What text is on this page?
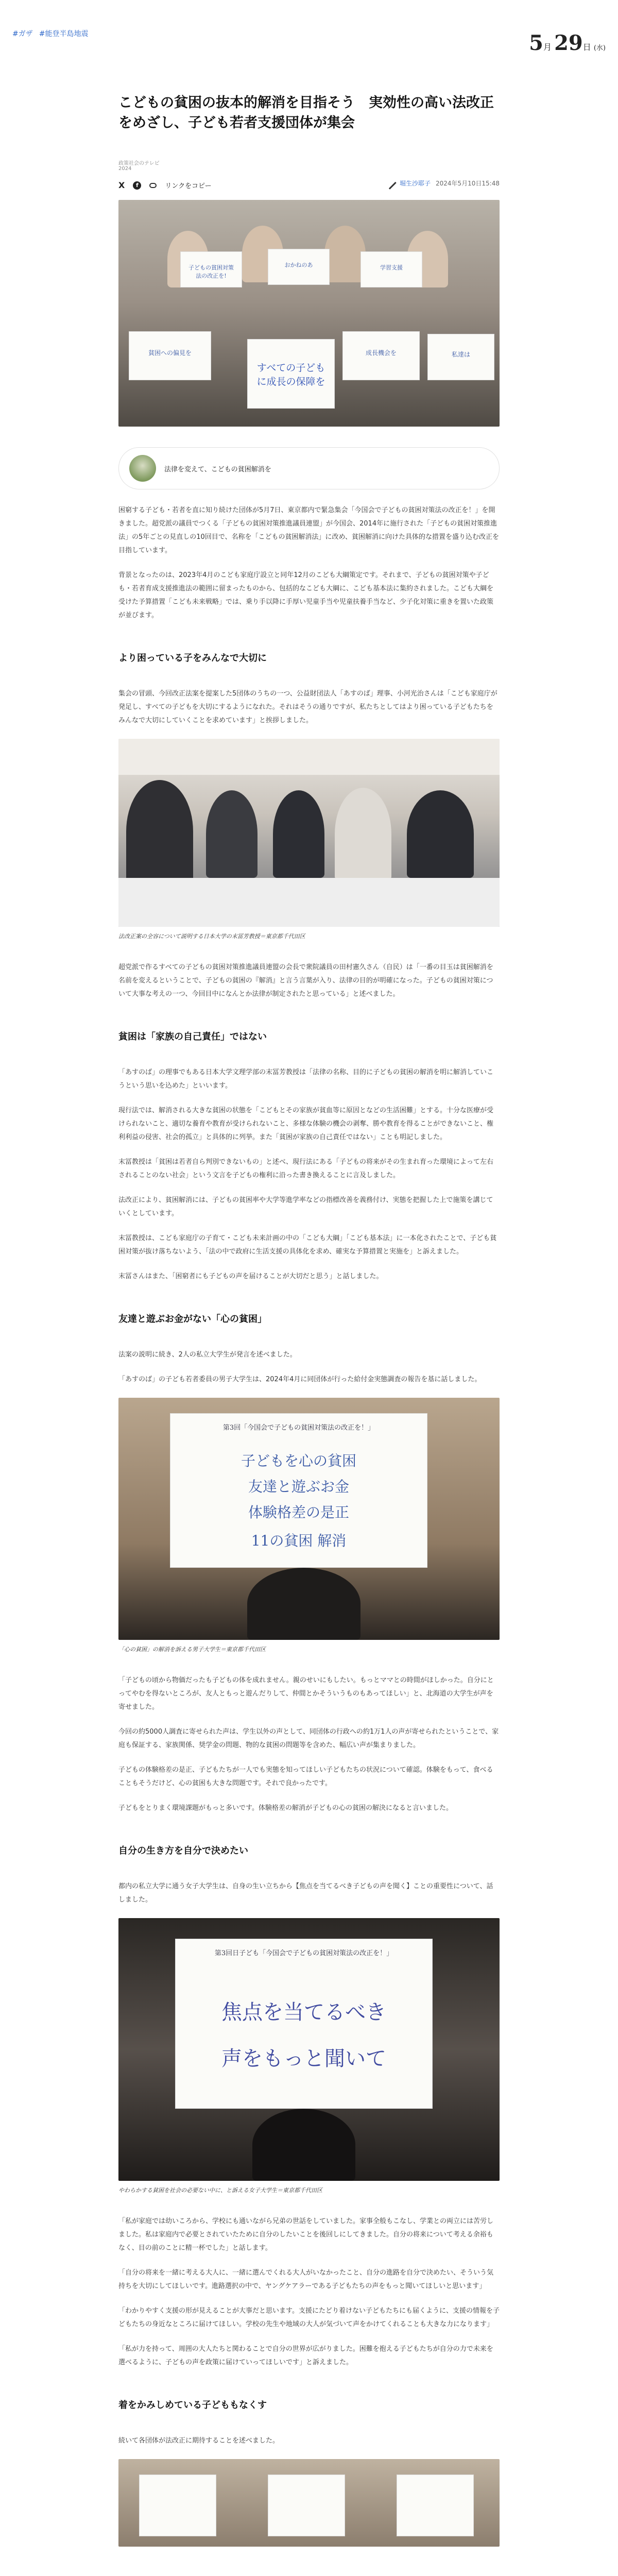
#ガザ #能登半島地震	5月 29日 (水)
こどもの貧困の抜本的解消を目指そう　実効性の高い法改正をめざし、子ども若者支援団体が集会
政策社会のテレビ
2024
X	f	リンクをコピー	堀生沙耶子 2024年5月10日15:48
子どもの貧困対策法の改正を!
おかねのあ	学習支援
貧困への偏見を
すべての子どもに成長の保障を
成長機会を	私達は
法律を変えて、こどもの貧困解消を

困窮する子ども・若者を直に知り続けた団体が5月7日、東京都内で緊急集会「今国会で子どもの貧困対策法の改正を！」を開きました。超党派の議員でつくる「子どもの貧困対策推進議員連盟」が今国会、2014年に施行された「子どもの貧困対策推進法」の5年ごとの見直しの10回目で、名称を「こどもの貧困解消法」に改め、貧困解消に向けた具体的な措置を盛り込む改正を目指しています。

背景となったのは、2023年4月のこども家庭庁設立と同年12月のこども大綱策定です。それまで、子どもの貧困対策や子ども・若者育成支援推進法の範囲に留まったものから、包括的なこども大綱に、こども基本法に集約されました。こども大綱を受けた予算措置「こども未来戦略」では、乗り手以降に手厚い児童手当や児童扶養手当など、少子化対策に重きを置いた政策が並びます。

より困っている子をみんなで大切に

集会の冒頭、今回改正法案を提案した5団体のうちの一つ、公益財団法人「あすのば」理事、小河光治さんは「こども家庭庁が発足し、すべての子どもを大切にするようになれた。それはそうの通りですが、私たちとしてはより困っている子どもたちをみんなで大切にしていくことを求めています」と挨拶しました。

法改正案の全容について説明する日本大学の末冨芳教授＝東京都千代田区

超党派で作るすべての子どもの貧困対策推進議員連盟の会長で衆院議員の田村憲久さん（自民）は「一番の目玉は貧困解消を名前を変えるということで、子どもの貧困の『解消』と言う言葉が入り、法律の目的が明確になった。子どもの貧困対策について大事な考えの一つ、今回目中になんとか法律が制定されたと思っている」と述べました。

貧困は「家族の自己責任」ではない

「あすのば」の理事でもある日本大学文理学部の末冨芳教授は「法律の名称、目的に子どもの貧困の解消を明に解消していこうという思いを込めた」といいます。

現行法では、解消される大きな貧困の状態を「こどもとその家族が貧血等に原因となどの生活困難」とする。十分な医療が受けられないこと、適切な養育や教育が受けられないこと、多様な体験の機会の剥奪、勝や教育を得ることができないこと、権利利益の侵害、社会的孤立」と具体的に列挙。また「貧困が家族の自己責任ではない」ことも明記しました。

末冨教授は「貧困は若者自ら判別できないもの」と述べ、現行法にある「子どもの将来がその生まれ育った環境によって左右されることのない社会」という文言を子どもの権利に沿った書き換えることに言及しました。

法改正により、貧困解消には、子どもの貧困率や大学等進学率などの指標改善を義務付け、実態を把握した上で施策を講じていくとしています。

末冨教授は、こども家庭庁の子育て・こども未来計画の中の「こども大綱」「こども基本法」に一本化されたことで、子ども貧困対策が抜け落ちないよう、「法の中で政府に生活支援の具体化を求め、確実な予算措置と実施を」と訴えました。

末冨さんはまた、「困窮者にも子どもの声を届けることが大切だと思う」と話しました。

友達と遊ぶお金がない「心の貧困」

法案の説明に続き、2人の私立大学生が発言を述べました。

「あすのば」の子ども若者委員の男子大学生は、2024年4月に同団体が行った給付金実態調査の報告を基に話しました。

第3回「今国会で子どもの貧困対策法の改正を！」
子どもを心の貧困
友達と遊ぶお金
体験格差の是正
11の貧困 解消
「心の貧困」の解消を訴える男子大学生＝東京都千代田区

「子どもの頃から物価だったも子どもの体を成れません。親のせいにもしたい。もっとママとの時間がほしかった。自分にとってやむを得ないところが、友人ともっと遊んだりして、仲間とかそういうものもあってほしい」と、北海道の大学生が声を寄せました。

今回の約5000人調査に寄せられた声は、学生以外の声として、同団体の行政への約1万1人の声が寄せられたということで、家庭も保証する、家族関係、奨学金の問題、物的な貧困の問題等を含めた、幅広い声が集まりました。

子どもの体験格差の是正、子どもたちが一人でも実態を知ってほしい子どもたちの状況について確認。体験をもって、食べることもそうだけど、心の貧困も大きな問題です。それで良かったです。

子どもをとりまく環境課題がもっと多いです。体験格差の解消が子どもの心の貧困の解決になると言いました。

自分の生き方を自分で決めたい

都内の私立大学に通う女子大学生は、自身の生い立ちから【焦点を当てるべき子どもの声を聞く】ことの重要性について、話しました。

第3回日子ども「今国会で子どもの貧困対策法の改正を！」
焦点を当てるべき
声をもっと聞いて
やわらかする貧困を社会の必要ない中に、と訴える女子大学生＝東京都千代田区

「私が家庭では幼いころから、学校にも通いながら兄弟の世話をしていました。家事全般もこなし、学業との両立には苦労しました。私は家庭内で必要とされていたために自分のしたいことを後回しにしてきました。自分の将来について考える余裕もなく、目の前のことに精一杯でした」と話します。

「自分の将来を一緒に考える大人に、一緒に選んでくれる大人がいなかったこと、自分の進路を自分で決めたい、そういう気持ちを大切にしてほしいです。進路選択の中で、ヤングケアラーである子どもたちの声をもっと聞いてほしいと思います」

「わかりやすく支援の形が見えることが大事だと思います。支援にたどり着けない子どもたちにも届くように、支援の情報を子どもたちの身近なところに届けてほしい。学校の先生や地域の大人が気づいて声をかけてくれることも大きな力になります」

「私が力を持って、周囲の大人たちと関わることで自分の世界が広がりました。困難を抱える子どもたちが自分の力で未来を選べるように、子どもの声を政策に届けていってほしいです」と訴えました。

着をかみしめている子どももなくす

続いて各団体が法改正に期待することを述べました。
